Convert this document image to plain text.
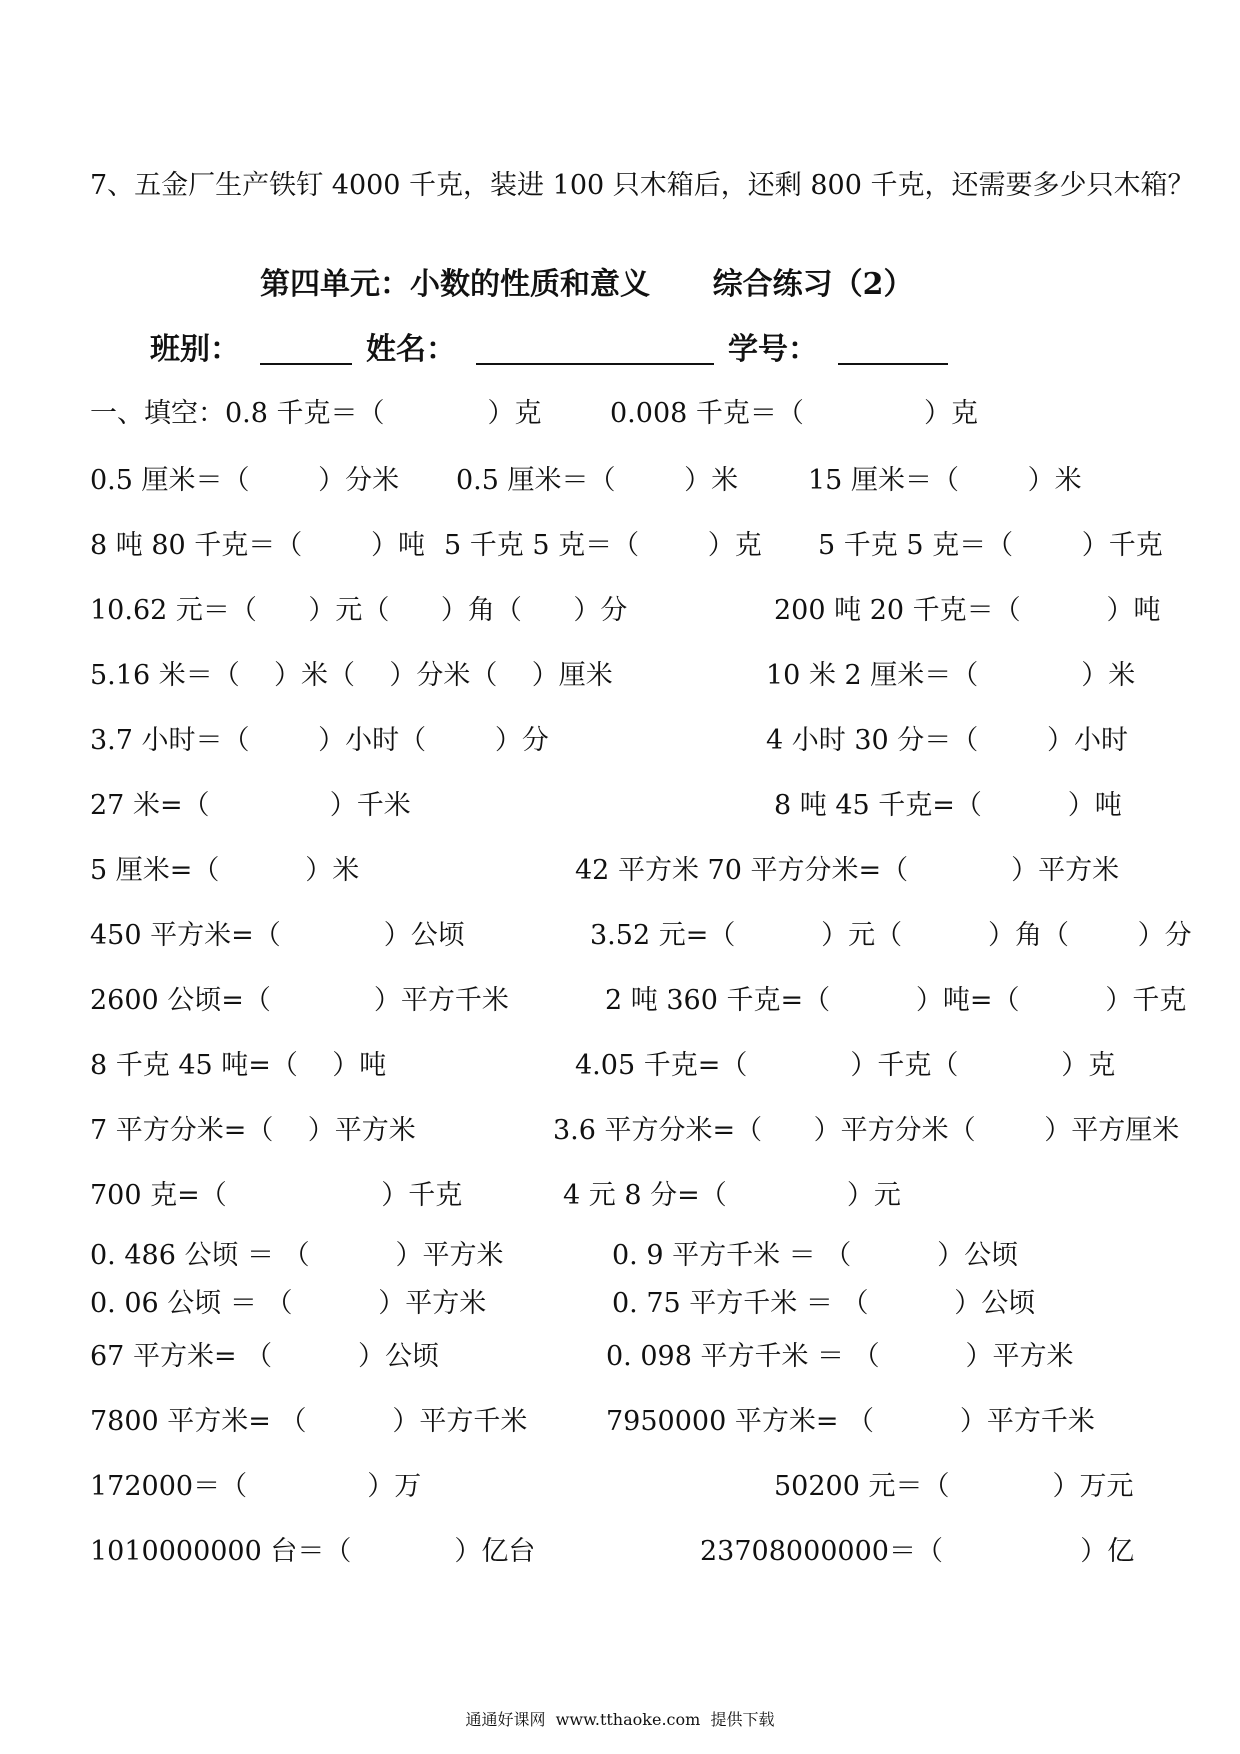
7、五金厂生产铁钉 4000 千克，装进 100 只木箱后，还剩 800 千克，还需要多少只木箱？
第四单元：小数的性质和意义      综合练习（2）
班别：	姓名：	学号：
一、填空：0.8 千克＝（            ）克	0.008 千克＝（              ）克
0.5 厘米＝（        ）分米 0.5 厘米＝（        ）米	15 厘米＝（        ）米
8 吨 80 千克＝（        ）吨 5 千克 5 克＝（        ）克 5 千克 5 克＝（        ）千克
10.62 元＝（      ）元（      ）角（      ）分	200 吨 20 千克＝（          ）吨
5.16 米＝（    ）米（    ）分米（    ）厘米	10 米 2 厘米＝（            ）米
3.7 小时＝（        ）小时（        ）分	4 小时 30 分＝（        ）小时
27 米=（              ）千米	8 吨 45 千克=（          ）吨
5 厘米=（          ）米	42 平方米 70 平方分米=（            ）平方米
450 平方米=（            ）公顷	3.52 元=（          ）元（          ）角（        ）分
2600 公顷=（            ）平方千米	2 吨 360 千克=（          ）吨=（          ）千克
8 千克 45 吨=（    ）吨	4.05 千克=（            ）千克（            ）克
7 平方分米=（    ）平方米	3.6 平方分米=（      ）平方分米（        ）平方厘米
700 克=（                  ）千克	4 元 8 分=（              ）元
0. 486 公顷 ＝ （          ）平方米	0. 9 平方千米 ＝ （          ）公顷
0. 06 公顷 ＝ （          ）平方米	0. 75 平方千米 ＝ （          ）公顷
67 平方米= （          ）公顷	0. 098 平方千米 ＝ （          ）平方米
7800 平方米= （          ）平方千米	7950000 平方米= （          ）平方千米
172000＝（              ）万	50200 元＝（            ）万元
1010000000 台＝（            ）亿台	23708000000＝（                ）亿
通通好课网  www.tthaoke.com  提供下载
